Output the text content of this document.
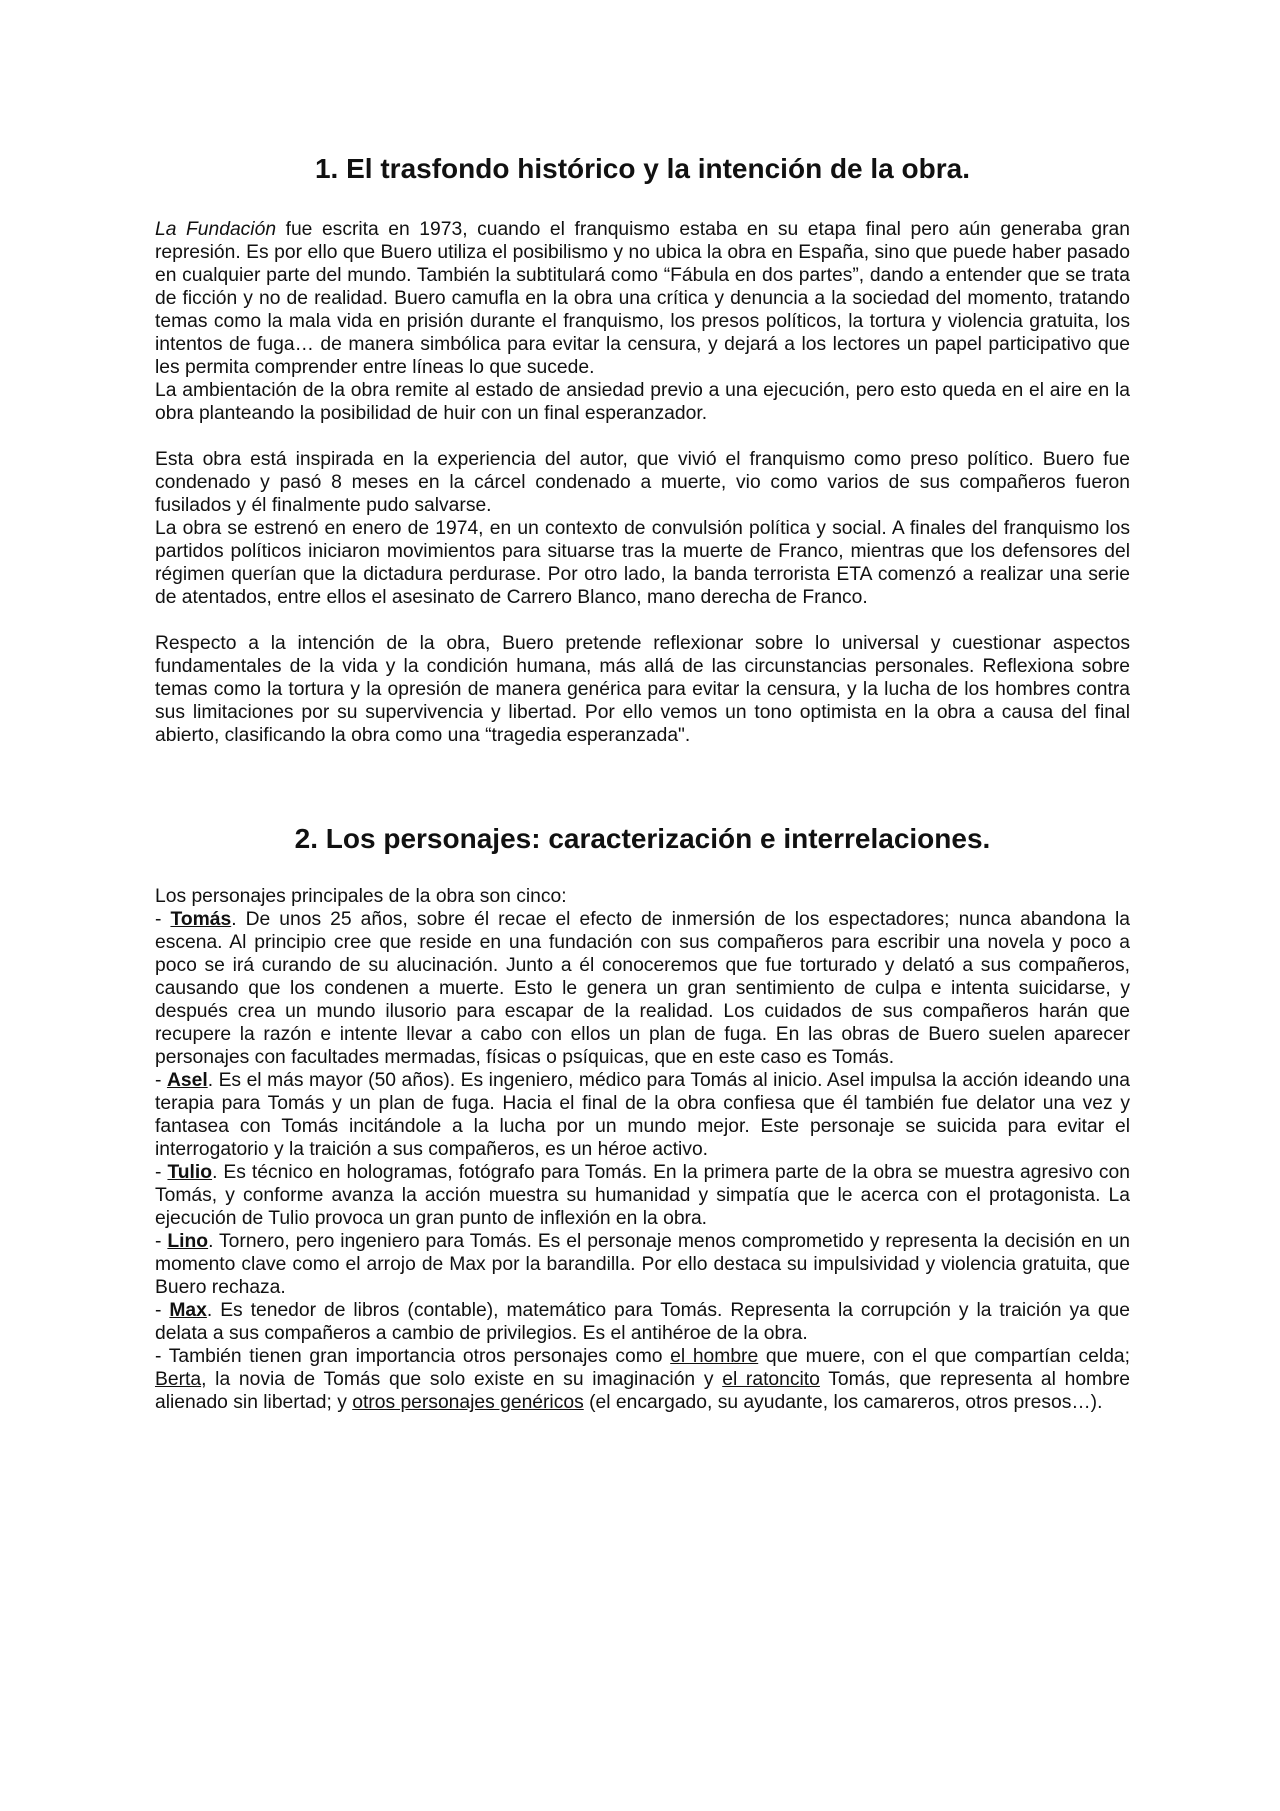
1. El trasfondo histórico y la intención de la obra.

La Fundación fue escrita en 1973, cuando el franquismo estaba en su etapa final pero aún generaba gran represión. Es por ello que Buero utiliza el posibilismo y no ubica la obra en España, sino que puede haber pasado en cualquier parte del mundo. También la subtitulará como “Fábula en dos partes”, dando a entender que se trata de ficción y no de realidad. Buero camufla en la obra una crítica y denuncia a la sociedad del momento, tratando temas como la mala vida en prisión durante el franquismo, los presos políticos, la tortura y violencia gratuita, los intentos de fuga… de manera simbólica para evitar la censura, y dejará a los lectores un papel participativo que les permita comprender entre líneas lo que sucede.

La ambientación de la obra remite al estado de ansiedad previo a una ejecución, pero esto queda en el aire en la obra planteando la posibilidad de huir con un final esperanzador.

Esta obra está inspirada en la experiencia del autor, que vivió el franquismo como preso político. Buero fue condenado y pasó 8 meses en la cárcel condenado a muerte, vio como varios de sus compañeros fueron fusilados y él finalmente pudo salvarse.

La obra se estrenó en enero de 1974, en un contexto de convulsión política y social. A finales del franquismo los partidos políticos iniciaron movimientos para situarse tras la muerte de Franco, mientras que los defensores del régimen querían que la dictadura perdurase. Por otro lado, la banda terrorista ETA comenzó a realizar una serie de atentados, entre ellos el asesinato de Carrero Blanco, mano derecha de Franco.

Respecto a la intención de la obra, Buero pretende reflexionar sobre lo universal y cuestionar aspectos fundamentales de la vida y la condición humana, más allá de las circunstancias personales. Reflexiona sobre temas como la tortura y la opresión de manera genérica para evitar la censura, y la lucha de los hombres contra sus limitaciones por su supervivencia y libertad. Por ello vemos un tono optimista en la obra a causa del final abierto, clasificando la obra como una “tragedia esperanzada".

2. Los personajes: caracterización e interrelaciones.

Los personajes principales de la obra son cinco:

- Tomás. De unos 25 años, sobre él recae el efecto de inmersión de los espectadores; nunca abandona la escena. Al principio cree que reside en una fundación con sus compañeros para escribir una novela y poco a poco se irá curando de su alucinación. Junto a él conoceremos que fue torturado y delató a sus compañeros, causando que los condenen a muerte. Esto le genera un gran sentimiento de culpa e intenta suicidarse, y después crea un mundo ilusorio para escapar de la realidad. Los cuidados de sus compañeros harán que recupere la razón e intente llevar a cabo con ellos un plan de fuga. En las obras de Buero suelen aparecer personajes con facultades mermadas, físicas o psíquicas, que en este caso es Tomás.

- Asel. Es el más mayor (50 años). Es ingeniero, médico para Tomás al inicio. Asel impulsa la acción ideando una terapia para Tomás y un plan de fuga. Hacia el final de la obra confiesa que él también fue delator una vez y fantasea con Tomás incitándole a la lucha por un mundo mejor. Este personaje se suicida para evitar el interrogatorio y la traición a sus compañeros, es un héroe activo.

- Tulio. Es técnico en hologramas, fotógrafo para Tomás. En la primera parte de la obra se muestra agresivo con Tomás, y conforme avanza la acción muestra su humanidad y simpatía que le acerca con el protagonista. La ejecución de Tulio provoca un gran punto de inflexión en la obra.

- Lino. Tornero, pero ingeniero para Tomás. Es el personaje menos comprometido y representa la decisión en un momento clave como el arrojo de Max por la barandilla. Por ello destaca su impulsividad y violencia gratuita, que Buero rechaza.

- Max. Es tenedor de libros (contable), matemático para Tomás. Representa la corrupción y la traición ya que delata a sus compañeros a cambio de privilegios. Es el antihéroe de la obra.

- También tienen gran importancia otros personajes como el hombre que muere, con el que compartían celda; Berta, la novia de Tomás que solo existe en su imaginación y el ratoncito Tomás, que representa al hombre alienado sin libertad; y otros personajes genéricos (el encargado, su ayudante, los camareros, otros presos…).
